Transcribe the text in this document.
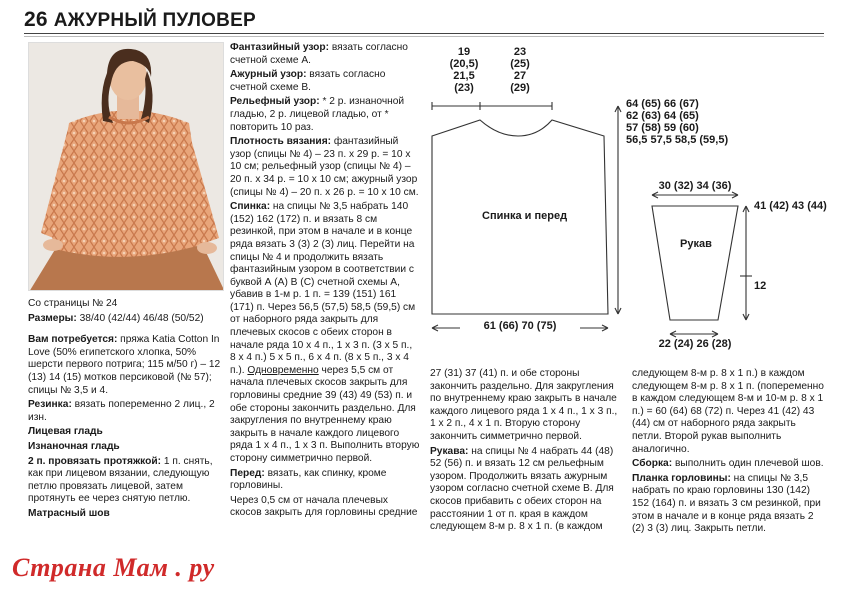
26 АЖУРНЫЙ ПУЛОВЕР

Со страницы № 24

Размеры: 38/40 (42/44) 46/48 (50/52)

Вам потребуется: пряжа Katia Cotton In Love (50% египетского хлопка, 50% шерсти первого потрига; 115 м/50 г) – 12 (13) 14 (15) мотков персиковой (№ 57); спицы № 3,5 и 4.

Резинка: вязать попеременно 2 лиц., 2 изн.

Лицевая гладь

Изнаночная гладь

2 п. провязать протяжкой: 1 п. снять, как при лицевом вязании, следующую петлю провязать лицевой, затем протянуть ее через снятую петлю.

Матрасный шов

Фантазийный узор: вязать согласно счетной схеме А.

Ажурный узор: вязать согласно счетной схеме В.

Рельефный узор: * 2 р. изнаночной гладью, 2 р. лицевой гладью, от * повторить 10 раз.

Плотность вязания: фантазийный узор (спицы № 4) – 23 п. x 29 р. = 10 x 10 см; рельефный узор (спицы № 4) – 20 п. x 34 р. = 10 x 10 см; ажурный узор (спицы № 4) – 20 п. x 26 р. = 10 x 10 см.

Спинка: на спицы № 3,5 набрать 140 (152) 162 (172) п. и вязать 8 см резинкой, при этом в начале и в конце ряда вязать 3 (3) 2 (3) лиц. Перейти на спицы № 4 и продолжить вязать фантазийным узором в соответствии с буквой А (А) В (С) счетной схемы А, убавив в 1-м р. 1 п. = 139 (151) 161 (171) п. Через 56,5 (57,5) 58,5 (59,5) см от наборного ряда закрыть для плечевых скосов с обеих сторон в начале ряда 10 x 4 п., 1 x 3 п. (3 x 5 п., 8 x 4 п.) 5 x 5 п., 6 x 4 п. (8 x 5 п., 3 x 4 п.). Одновременно через 5,5 см от начала плечевых скосов закрыть для горловины средние 39 (43) 49 (53) п. и обе стороны закончить раздельно. Для закругления по внутреннему краю закрыть в начале каждого лицевого ряда 1 x 4 п., 1 x 3 п. Выполнить вторую сторону симметрично первой.

Перед: вязать, как спинку, кроме горловины.

Через 0,5 см от начала плечевых скосов закрыть для горловины средние

19
(20,5)
21,5
(23)
23
(25)
27
(29)
64 (65) 66 (67)
62 (63) 64 (65)
57 (58) 59 (60)
56,5 57,5 58,5 (59,5)
Спинка и перед
61 (66) 70 (75)
30 (32) 34 (36)
Рукав
41 (42) 43 (44)
12
22 (24) 26 (28)

27 (31) 37 (41) п. и обе стороны закончить раздельно. Для закругления по внутреннему краю закрыть в начале каждого лицевого ряда 1 x 4 п., 1 x 3 п., 1 x 2 п., 4 x 1 п. Вторую сторону закончить симметрично первой.

Рукава: на спицы № 4 набрать 44 (48) 52 (56) п. и вязать 12 см рельефным узором. Продолжить вязать ажурным узором согласно счетной схеме В. Для скосов прибавить с обеих сторон на расстоянии 1 от п. края в каждом следующем 8-м р. 8 x 1 п. (в каждом

следующем 8-м р. 8 x 1 п.) в каждом следующем 8-м р. 8 x 1 п. (попеременно в каждом следующем 8-м и 10-м р. 8 x 1 п.) = 60 (64) 68 (72) п. Через 41 (42) 43 (44) см от наборного ряда закрыть петли. Второй рукав выполнить аналогично.

Сборка: выполнить один плечевой шов.

Планка горловины: на спицы № 3,5 набрать по краю горловины 130 (142) 152 (164) п. и вязать 3 см резинкой, при этом в начале и в конце ряда вязать 2 (2) 3 (3) лиц. Закрыть петли.

Страна Мам . ру
